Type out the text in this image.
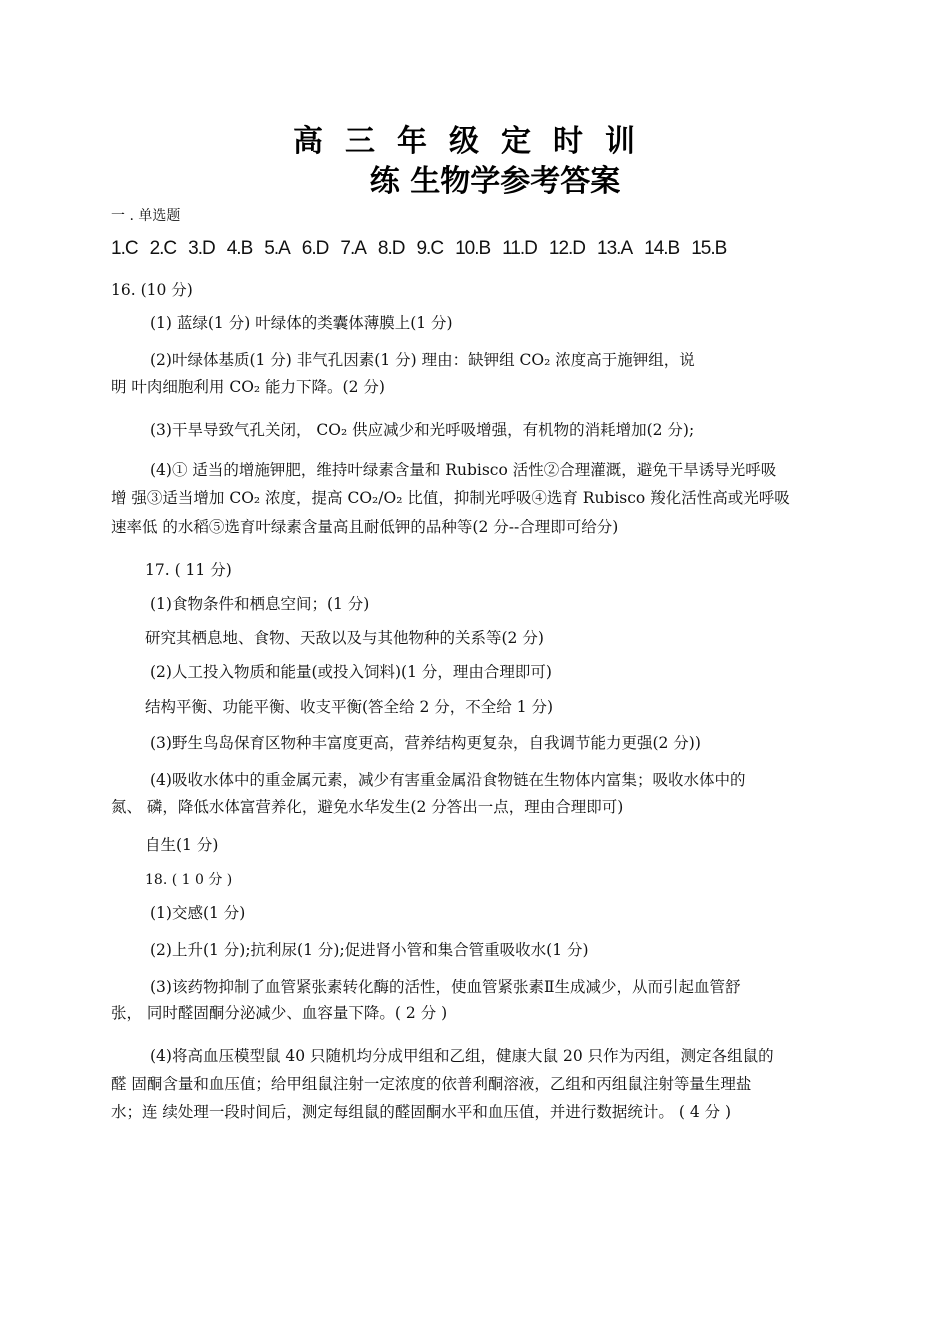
高三年级定时训
练 生物学参考答案
一 . 单选题
1.C 2.C 3.D 4.B 5.A 6.D 7.A 8.D 9.C 10.B 11.D 12.D 13.A 14.B 15.B
16. (10 分)
(1) 蓝绿(1 分) 叶绿体的类囊体薄膜上(1 分)
(2)叶绿体基质(1 分) 非气孔因素(1 分) 理由：缺钾组 CO₂ 浓度高于施钾组，说
明 叶肉细胞利用 CO₂ 能力下降。(2 分)
(3)干旱导致气孔关闭， CO₂ 供应减少和光呼吸增强，有机物的消耗增加(2 分);
(4)① 适当的增施钾肥，维持叶绿素含量和 Rubisco 活性②合理灌溉，避免干旱诱导光呼吸
增 强③适当增加 CO₂ 浓度，提高 CO₂/O₂ 比值，抑制光呼吸④选育 Rubisco 羧化活性高或光呼吸
速率低 的水稻⑤选育叶绿素含量高且耐低钾的品种等(2 分--合理即可给分)
17. ( 11 分)
(1)食物条件和栖息空间；(1 分)
研究其栖息地、食物、天敌以及与其他物种的关系等(2 分)
(2)人工投入物质和能量(或投入饲料)(1 分，理由合理即可)
结构平衡、功能平衡、收支平衡(答全给 2 分，不全给 1 分)
(3)野生鸟岛保育区物种丰富度更高，营养结构更复杂，自我调节能力更强(2 分))
(4)吸收水体中的重金属元素，减少有害重金属沿食物链在生物体内富集；吸收水体中的
氮、 磷，降低水体富营养化，避免水华发生(2 分答出一点，理由合理即可)
自生(1 分)
18. ( 1 0 分 )
(1)交感(1 分)
(2)上升(1 分);抗利尿(1 分);促进肾小管和集合管重吸收水(1 分)
(3)该药物抑制了血管紧张素转化酶的活性，使血管紧张素Ⅱ生成减少，从而引起血管舒
张， 同时醛固酮分泌减少、血容量下降。( 2 分 )
(4)将高血压模型鼠 40 只随机均分成甲组和乙组，健康大鼠 20 只作为丙组，测定各组鼠的
醛 固酮含量和血压值；给甲组鼠注射一定浓度的依普利酮溶液，乙组和丙组鼠注射等量生理盐
水；连 续处理一段时间后，测定每组鼠的醛固酮水平和血压值，并进行数据统计。 ( 4 分 )
